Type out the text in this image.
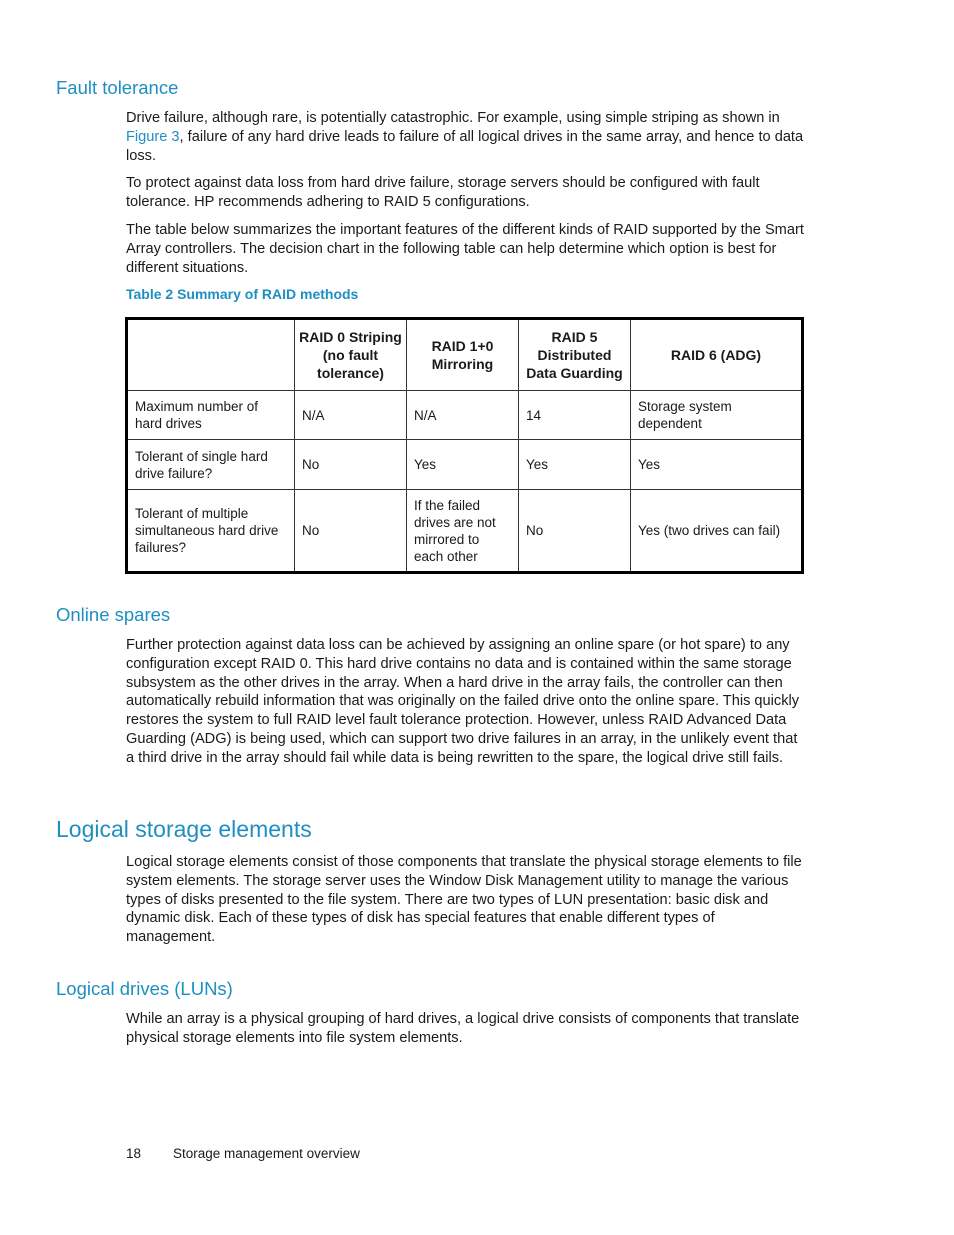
Fault tolerance

Drive failure, although rare, is potentially catastrophic. For example, using simple striping as shown in Figure 3, failure of any hard drive leads to failure of all logical drives in the same array, and hence to data loss.

To protect against data loss from hard drive failure, storage servers should be configured with fault tolerance. HP recommends adhering to RAID 5 configurations.

The table below summarizes the important features of the different kinds of RAID supported by the Smart Array controllers. The decision chart in the following table can help determine which option is best for different situations.

Table 2 Summary of RAID methods

	RAID 0 Striping (no fault tolerance)	RAID 1+0 Mirroring	RAID 5 Distributed Data Guarding	RAID 6 (ADG)
Maximum number of hard drives	N/A	N/A	14	Storage system dependent
Tolerant of single hard drive failure?	No	Yes	Yes	Yes
Tolerant of multiple simultaneous hard drive failures?	No	If the failed drives are not mirrored to each other	No	Yes (two drives can fail)
Online spares

Further protection against data loss can be achieved by assigning an online spare (or hot spare) to any configuration except RAID 0. This hard drive contains no data and is contained within the same storage subsystem as the other drives in the array. When a hard drive in the array fails, the controller can then automatically rebuild information that was originally on the failed drive onto the online spare. This quickly restores the system to full RAID level fault tolerance protection. However, unless RAID Advanced Data Guarding (ADG) is being used, which can support two drive failures in an array, in the unlikely event that a third drive in the array should fail while data is being rewritten to the spare, the logical drive still fails.

Logical storage elements

Logical storage elements consist of those components that translate the physical storage elements to file system elements. The storage server uses the Window Disk Management utility to manage the various types of disks presented to the file system. There are two types of LUN presentation: basic disk and dynamic disk. Each of these types of disk has special features that enable different types of management.

Logical drives (LUNs)

While an array is a physical grouping of hard drives, a logical drive consists of components that translate physical storage elements into file system elements.

18 Storage management overview
